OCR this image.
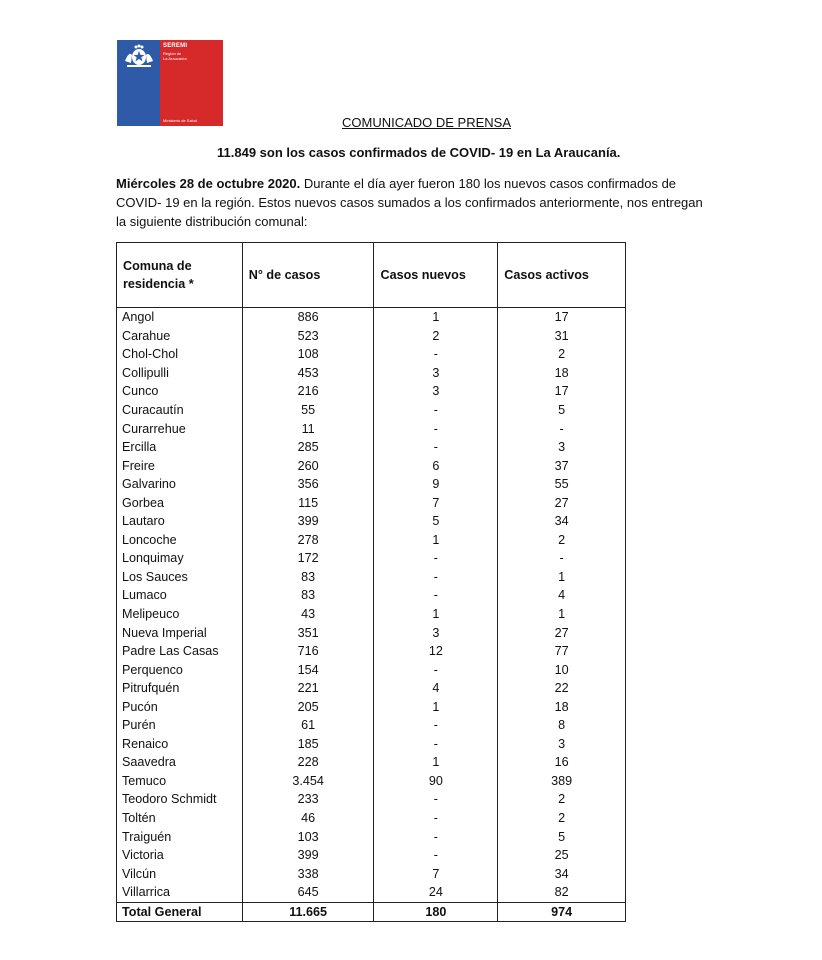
SEREMI
Región de
La Araucanía
Ministerio de Salud	COMUNICADO DE PRENSA
11.849 son los casos confirmados de COVID- 19 en La Araucanía.
Miércoles 28 de octubre 2020. Durante el día ayer fueron 180 los nuevos casos confirmados de COVID- 19 en la región. Estos nuevos casos sumados a los confirmados anteriormente, nos entregan la siguiente distribución comunal:
Comuna de residencia *	N° de casos	Casos nuevos	Casos activos
Angol	886	1	17
Carahue	523	2	31
Chol-Chol	108	-	2
Collipulli	453	3	18
Cunco	216	3	17
Curacautín	55	-	5
Curarrehue	11	-	-
Ercilla	285	-	3
Freire	260	6	37
Galvarino	356	9	55
Gorbea	115	7	27
Lautaro	399	5	34
Loncoche	278	1	2
Lonquimay	172	-	-
Los Sauces	83	-	1
Lumaco	83	-	4
Melipeuco	43	1	1
Nueva Imperial	351	3	27
Padre Las Casas	716	12	77
Perquenco	154	-	10
Pitrufquén	221	4	22
Pucón	205	1	18
Purén	61	-	8
Renaico	185	-	3
Saavedra	228	1	16
Temuco	3.454	90	389
Teodoro Schmidt	233	-	2
Toltén	46	-	2
Traiguén	103	-	5
Victoria	399	-	25
Vilcún	338	7	34
Villarrica	645	24	82
Total General	11.665	180	974
